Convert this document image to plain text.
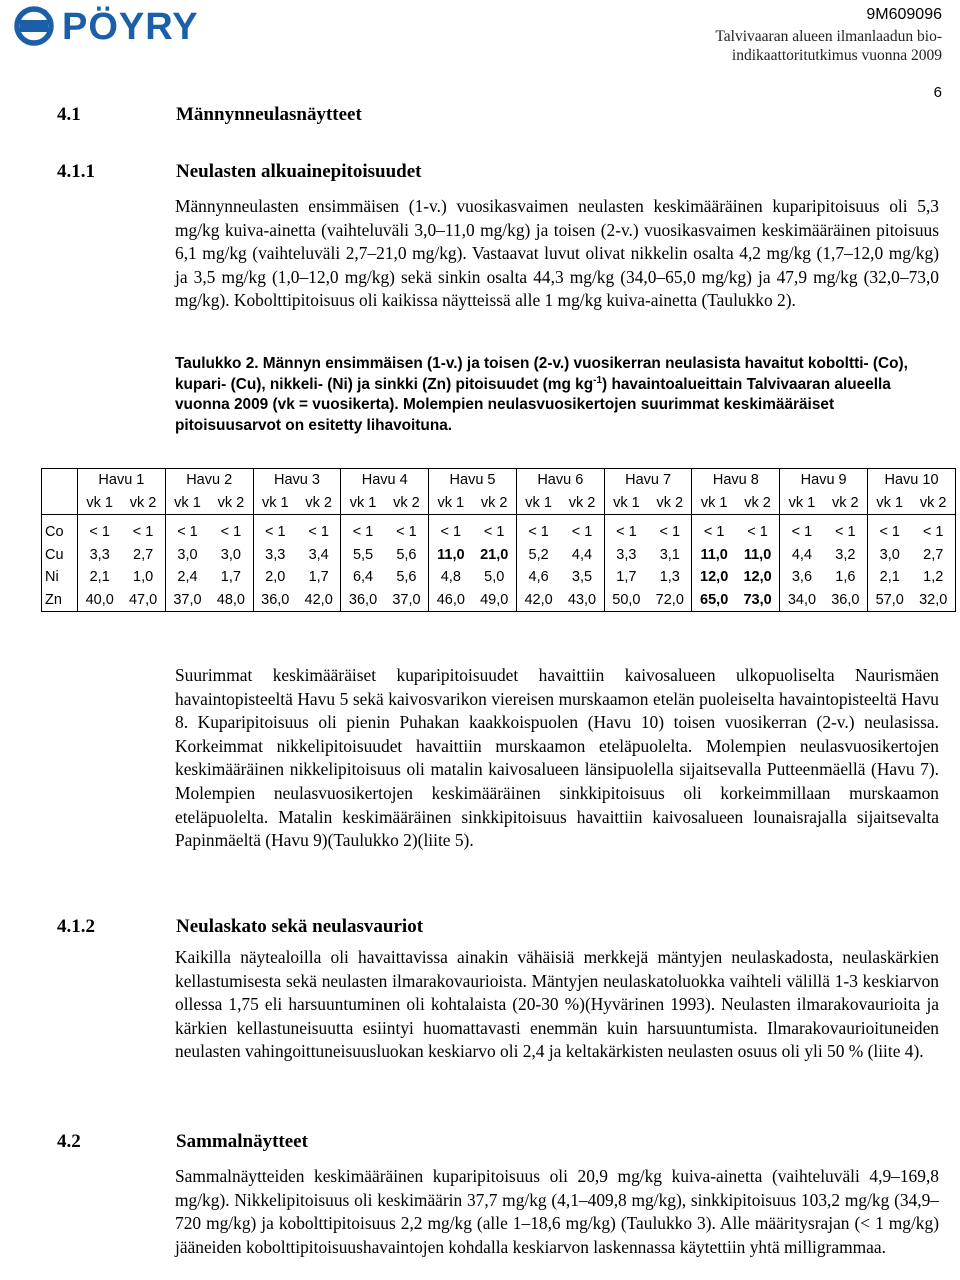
PÖYRY	9M609096
Talvivaaran alueen ilmanlaadun bio-indikaattoritutkimus vuonna 2009
6
4.1	Männynneulasnäytteet
4.1.1	Neulasten alkuainepitoisuudet
Männynneulasten ensimmäisen (1-v.) vuosikasvaimen neulasten keskimääräinen kuparipitoisuus oli 5,3 mg/kg kuiva-ainetta (vaihteluväli 3,0–11,0 mg/kg) ja toisen (2-v.) vuosikasvaimen keskimääräinen pitoisuus 6,1 mg/kg (vaihteluväli 2,7–21,0 mg/kg). Vastaavat luvut olivat nikkelin osalta 4,2 mg/kg (1,7–12,0 mg/kg) ja 3,5 mg/kg (1,0–12,0 mg/kg) sekä sinkin osalta 44,3 mg/kg (34,0–65,0 mg/kg) ja 47,9 mg/kg (32,0–73,0 mg/kg). Kobolttipitoisuus oli kaikissa näytteissä alle 1 mg/kg kuiva-ainetta (Taulukko 2).
Taulukko 2. Männyn ensimmäisen (1-v.) ja toisen (2-v.) vuosikerran neulasista havaitut koboltti- (Co), kupari- (Cu), nikkeli- (Ni) ja sinkki (Zn) pitoisuudet (mg $kg^{-1}$) havaintoalueittain Talvivaaran alueella vuonna 2009 (vk = vuosikerta). Molempien neulasvuosikertojen suurimmat keskimääräiset pitoisuusarvot on esitetty lihavoituna.
	Havu 1		Havu 2		Havu 3		Havu 4		Havu 5		Havu 6		Havu 7		Havu 8		Havu 9		Havu 10	
	vk 1	vk 2	vk 1	vk 2	vk 1	vk 2	vk 1	vk 2	vk 1	vk 2	vk 1	vk 2	vk 1	vk 2	vk 1	vk 2	vk 1	vk 2	vk 1	vk 2

Co	< 1	< 1	< 1	< 1	< 1	< 1	< 1	< 1	< 1	< 1	< 1	< 1	< 1	< 1	< 1	< 1	< 1	< 1	< 1	< 1
Cu	3,3	2,7	3,0	3,0	3,3	3,4	5,5	5,6	11,0	21,0	5,2	4,4	3,3	3,1	11,0	11,0	4,4	3,2	3,0	2,7
Ni	2,1	1,0	2,4	1,7	2,0	1,7	6,4	5,6	4,8	5,0	4,6	3,5	1,7	1,3	12,0	12,0	3,6	1,6	2,1	1,2
Zn	40,0	47,0	37,0	48,0	36,0	42,0	36,0	37,0	46,0	49,0	42,0	43,0	50,0	72,0	65,0	73,0	34,0	36,0	57,0	32,0
Suurimmat keskimääräiset kuparipitoisuudet havaittiin kaivosalueen ulkopuoliselta Naurismäen havaintopisteeltä Havu 5 sekä kaivosvarikon viereisen murskaamon etelän puoleiselta havaintopisteeltä Havu 8. Kuparipitoisuus oli pienin Puhakan kaakkoispuolen (Havu 10) toisen vuosikerran (2-v.) neulasissa. Korkeimmat nikkelipitoisuudet havaittiin murskaamon eteläpuolelta. Molempien neulasvuosikertojen keskimääräinen nikkelipitoisuus oli matalin kaivosalueen länsipuolella sijaitsevalla Putteenmäellä (Havu 7). Molempien neulasvuosikertojen keskimääräinen sinkkipitoisuus oli korkeimmillaan murskaamon eteläpuolelta. Matalin keskimääräinen sinkkipitoisuus havaittiin kaivosalueen lounaisrajalla sijaitsevalta Papinmäeltä (Havu 9)(Taulukko 2)(liite 5).
4.1.2	Neulaskato sekä neulasvauriot
Kaikilla näytealoilla oli havaittavissa ainakin vähäisiä merkkejä mäntyjen neulaskadosta, neulaskärkien kellastumisesta sekä neulasten ilmarakovaurioista. Mäntyjen neulaskatoluokka vaihteli välillä 1-3 keskiarvon ollessa 1,75 eli harsuuntuminen oli kohtalaista (20-30 %)(Hyvärinen 1993). Neulasten ilmarakovaurioita ja kärkien kellastuneisuutta esiintyi huomattavasti enemmän kuin harsuuntumista. Ilmarakovaurioituneiden neulasten vahingoittuneisuusluokan keskiarvo oli 2,4 ja keltakärkisten neulasten osuus oli yli 50 % (liite 4).
4.2	Sammalnäytteet
Sammalnäytteiden keskimääräinen kuparipitoisuus oli 20,9 mg/kg kuiva-ainetta (vaihteluväli 4,9–169,8 mg/kg). Nikkelipitoisuus oli keskimäärin 37,7 mg/kg (4,1–409,8 mg/kg), sinkkipitoisuus 103,2 mg/kg (34,9–720 mg/kg) ja kobolttipitoisuus 2,2 mg/kg (alle 1–18,6 mg/kg) (Taulukko 3). Alle määritysrajan (< 1 mg/kg) jääneiden kobolttipitoisuushavaintojen kohdalla keskiarvon laskennassa käytettiin yhtä milligrammaa.
